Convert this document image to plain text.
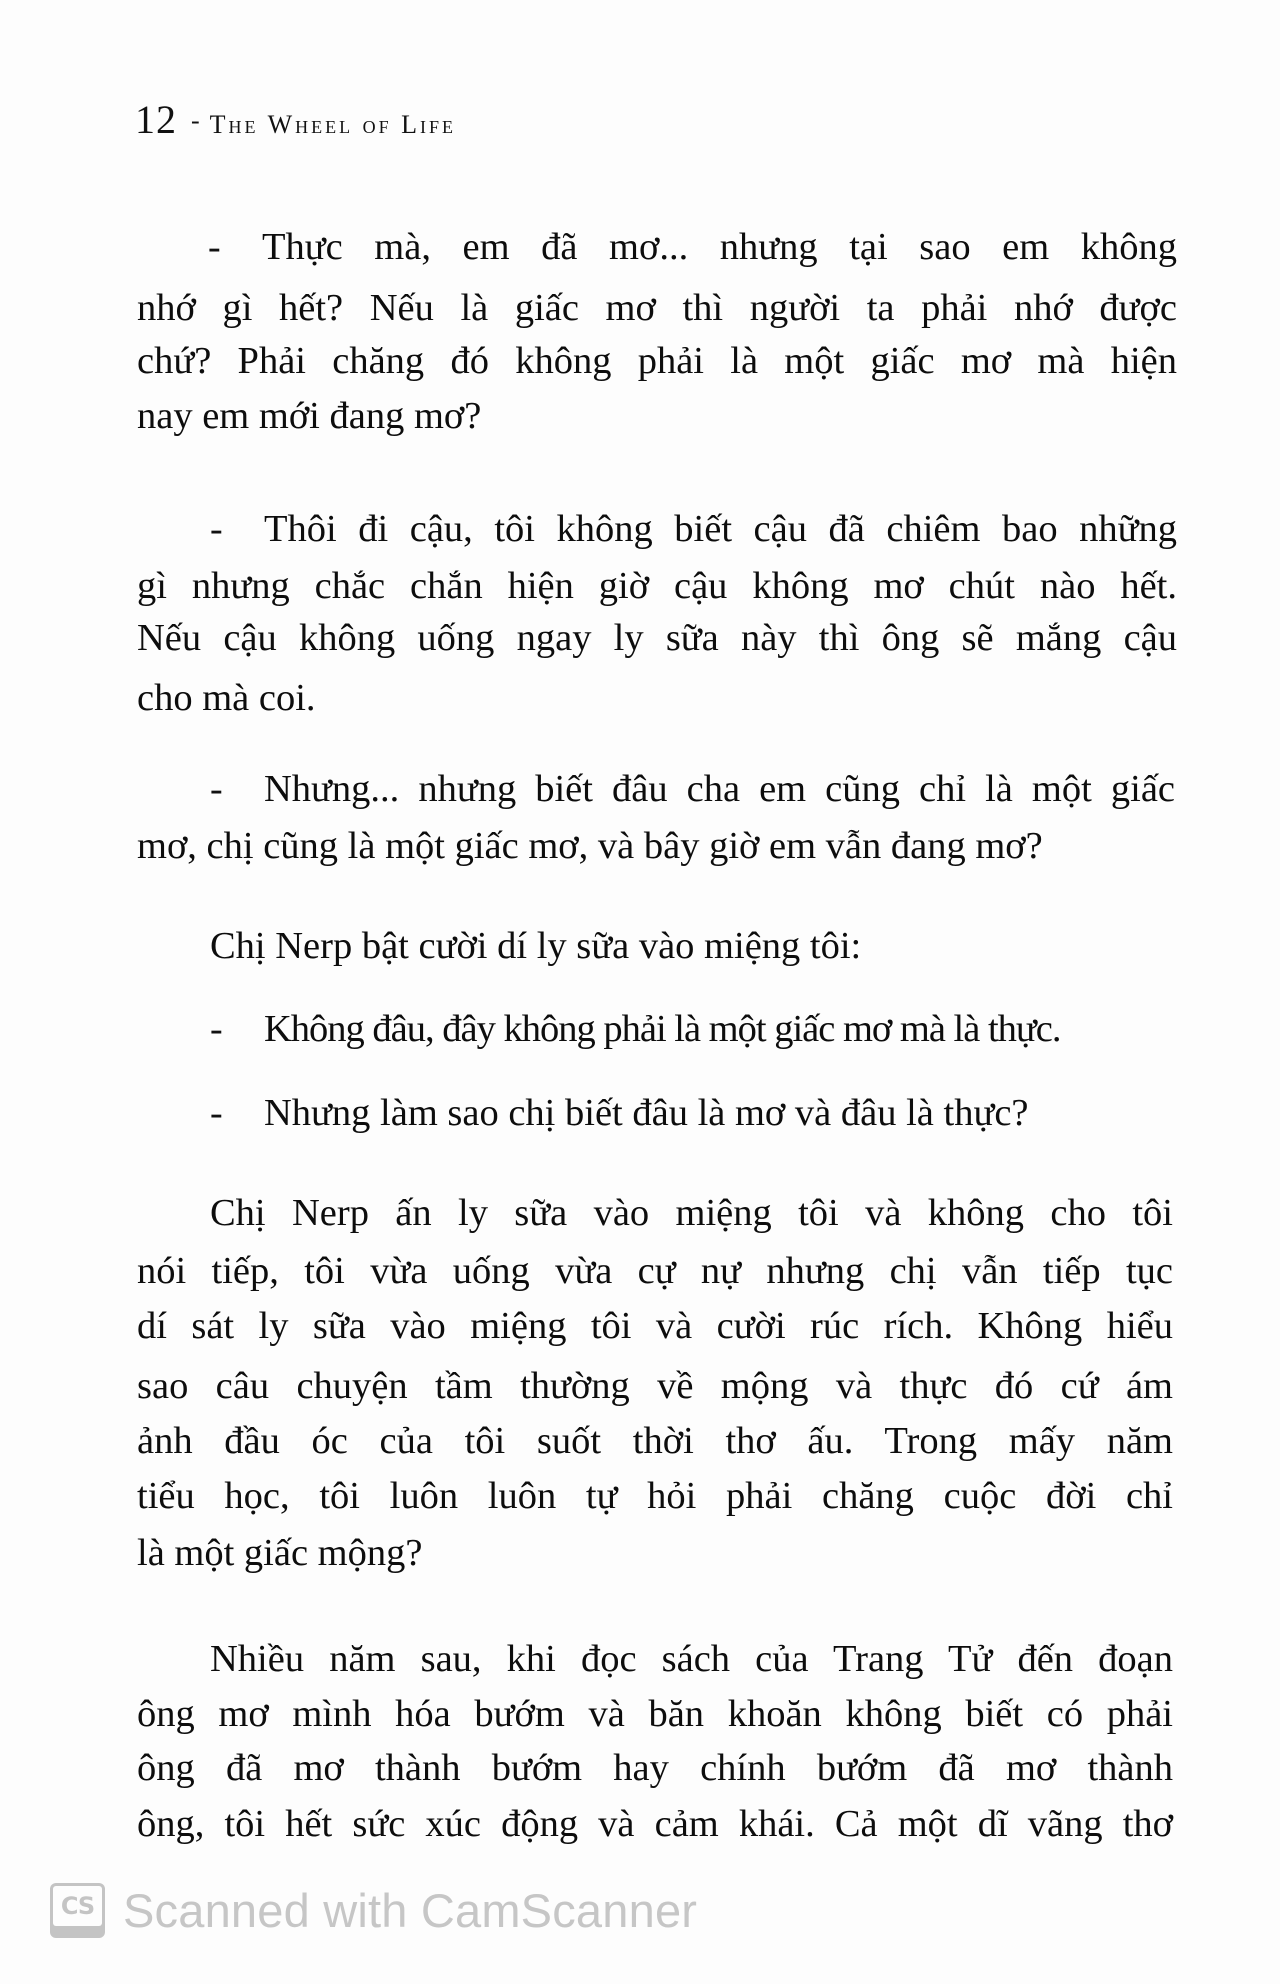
12 - The Wheel of Life
- Thực mà, em đã mơ... nhưng tại sao em không
nhớ gì hết? Nếu là giấc mơ thì người ta phải nhớ được
chứ? Phải chăng đó không phải là một giấc mơ mà hiện
nay em mới đang mơ?
- Thôi đi cậu, tôi không biết cậu đã chiêm bao những
gì nhưng chắc chắn hiện giờ cậu không mơ chút nào hết.
Nếu cậu không uống ngay ly sữa này thì ông sẽ mắng cậu
cho mà coi.
- Nhưng... nhưng biết đâu cha em cũng chỉ là một giấc
mơ, chị cũng là một giấc mơ, và bây giờ em vẫn đang mơ?
Chị Nerp bật cười dí ly sữa vào miệng tôi:
- Không đâu, đây không phải là một giấc mơ mà là thực.
- Nhưng làm sao chị biết đâu là mơ và đâu là thực?
Chị Nerp ấn ly sữa vào miệng tôi và không cho tôi
nói tiếp, tôi vừa uống vừa cự nự nhưng chị vẫn tiếp tục
dí sát ly sữa vào miệng tôi và cười rúc rích. Không hiểu
sao câu chuyện tầm thường về mộng và thực đó cứ ám
ảnh đầu óc của tôi suốt thời thơ ấu. Trong mấy năm
tiểu học, tôi luôn luôn tự hỏi phải chăng cuộc đời chỉ
là một giấc mộng?
Nhiều năm sau, khi đọc sách của Trang Tử đến đoạn
ông mơ mình hóa bướm và băn khoăn không biết có phải
ông đã mơ thành bướm hay chính bướm đã mơ thành
ông, tôi hết sức xúc động và cảm khái. Cả một dĩ vãng thơ
CS Scanned with CamScanner
